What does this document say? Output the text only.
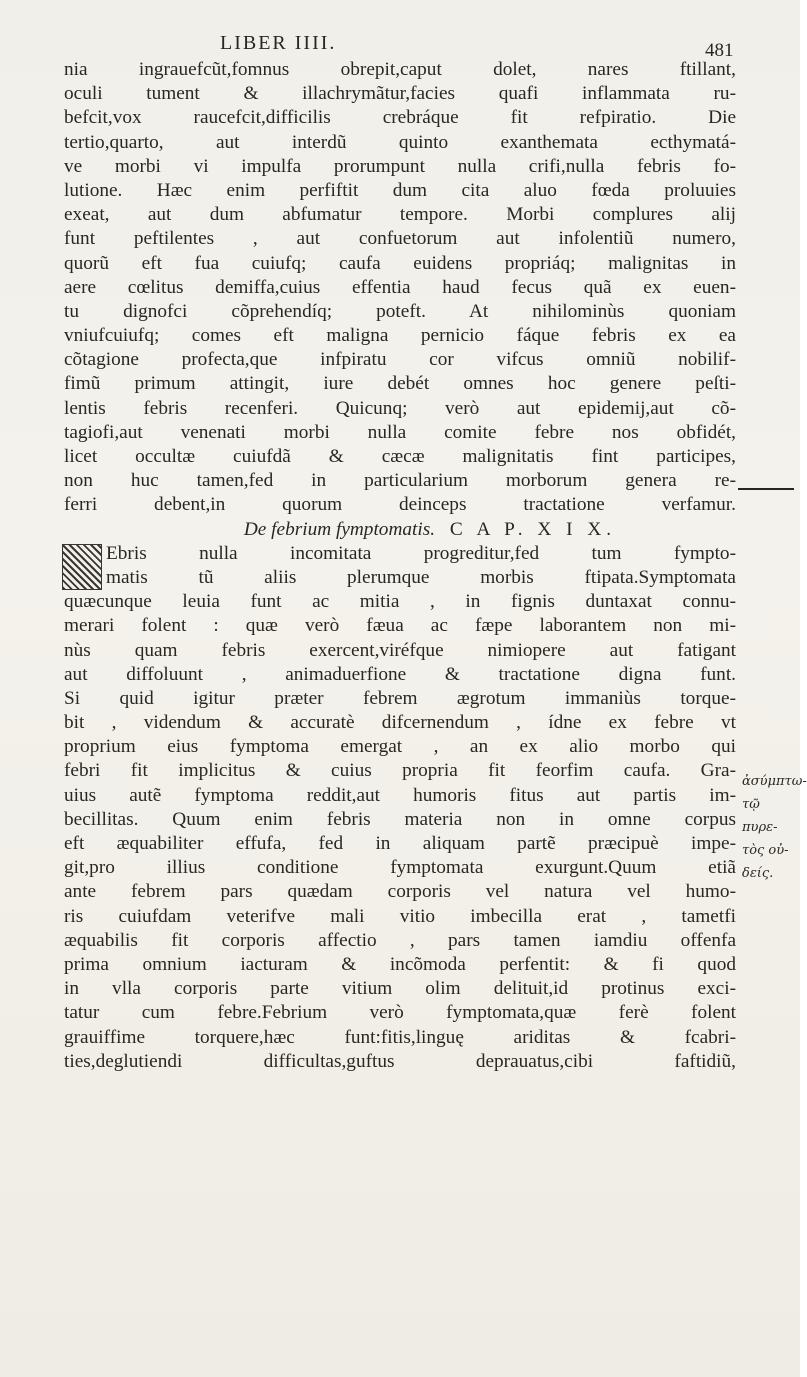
LIBER IIII.	481
nia ingrauefcũt,fomnus obrepit,caput dolet, nares ftillant,
oculi tument & illachrymãtur,facies quafi inflammata ru-
befcit,vox raucefcit,difficilis crebráque fit refpiratio. Die
tertio,quarto, aut interdũ quinto exanthemata ecthymatá-
ve morbi vi impulfa prorumpunt nulla crifi,nulla febris fo-
lutione. Hæc enim perfiftit dum cita aluo fœda proluuies
exeat, aut dum abfumatur tempore. Morbi complures alij
funt peftilentes , aut confuetorum aut infolentiũ numero,
quorũ eft fua cuiufq; caufa euidens propriáq; malignitas in
aere cœlitus demiffa,cuius effentia haud fecus quã ex euen-
tu dignofci cõprehendíq; poteft. At nihilominùs quoniam
vniufcuiufq; comes eft maligna pernicio fáque febris ex ea
cõtagione profecta,que infpiratu cor vifcus omniũ nobilif-
fimũ primum attingit, iure debét omnes hoc genere peſti-
lentis febris recenferi. Quicunq; verò aut epidemij,aut cõ-
tagiofi,aut venenati morbi nulla comite febre nos obfidét,
licet occultæ cuiufdã & cæcæ malignitatis fint participes,
non huc tamen,fed in particularium morborum genera re-
ferri debent,in quorum deinceps tractatione verfamur.
De febrium fymptomatis. C A P. X I X.
Ebris nulla incomitata progreditur,fed tum fympto-
matis tũ aliis plerumque morbis ftipata.Symptomata
quæcunque leuia funt ac mitia , in fignis duntaxat connu-
merari folent : quæ verò fæua ac fæpe laborantem non mi-
nùs quam febris exercent,viréfque nimiopere aut fatigant
aut diffoluunt , animaduerfione & tractatione digna funt.
Si quid igitur præter febrem ægrotum immaniùs torque-
bit , videndum & accuratè difcernendum , ídne ex febre vt
proprium eius fymptoma emergat , an ex alio morbo qui
febri fit implicitus & cuius propria fit feorfim caufa. Gra-
uius autẽ fymptoma reddit,aut humoris fitus aut partis im-
becillitas. Quum enim febris materia non in omne corpus
eft æquabiliter effufa, fed in aliquam partẽ præcipuè impe-
git,pro illius conditione fymptomata exurgunt.Quum etiã
ante febrem pars quædam corporis vel natura vel humo-
ris cuiufdam veterifve mali vitio imbecilla erat , tametfi
æquabilis fit corporis affectio , pars tamen iamdiu offenfa
prima omnium iacturam & incõmoda perfentit: & fi quod
in vlla corporis parte vitium olim delituit,id protinus exci-
tatur cum febre.Febrium verò fymptomata,quæ ferè folent
grauiffime torquere,hæc funt:fitis,linguę ariditas & fcabri-
ties,deglutiendi difficultas,guftus deprauatus,cibi faftidiũ,
ἀσύμπτω-
τῷ πυρε-
τὸς οὐ-
δείς.
